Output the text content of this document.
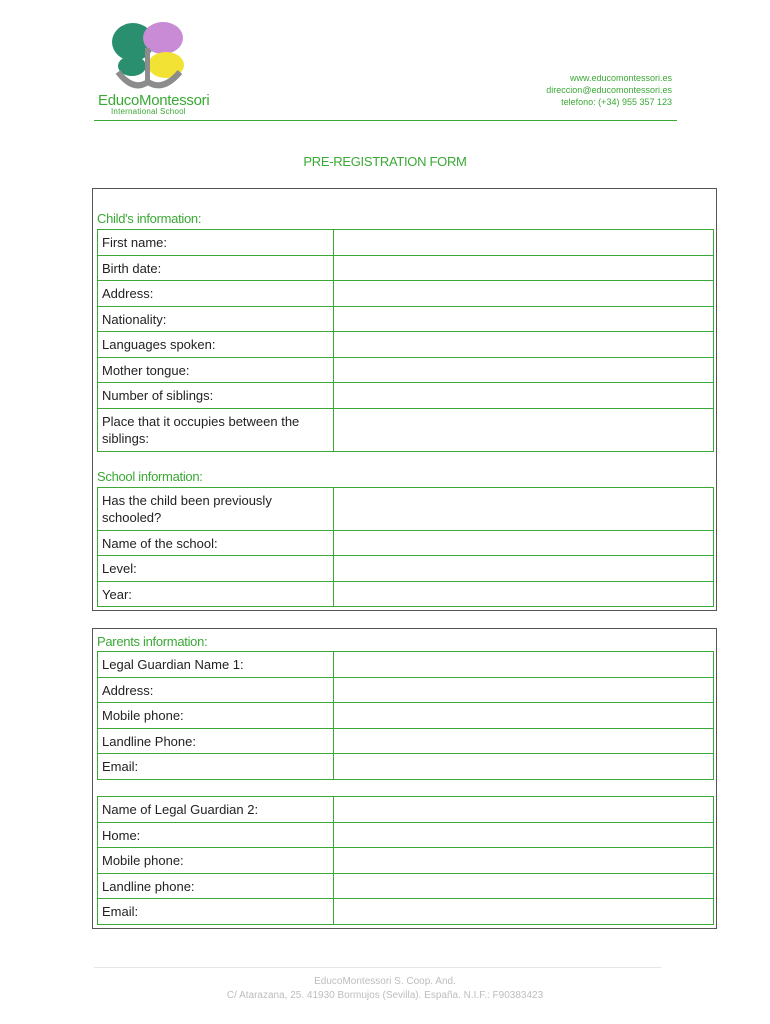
EducoMontessori
International School
www.educomontessori.es
direccion@educomontessori.es
telefono: (+34) 955 357 123
PRE-REGISTRATION FORM
Child's information:
First name:	
Birth date:	
Address:	
Nationality:	
Languages spoken:	
Mother tongue:	
Number of siblings:	
Place that it occupies between the siblings:	
School information:
Has the child been previously schooled?	
Name of the school:	
Level:	
Year:	
Parents information:
Legal Guardian Name 1:	
Address:	
Mobile phone:	
Landline Phone:	
Email:	
Name of Legal Guardian 2:	
Home:	
Mobile phone:	
Landline phone:	
Email:	
EducoMontessori S. Coop. And.
C/ Atarazana, 25. 41930 Bormujos (Sevilla). España. N.I.F.: F90383423
